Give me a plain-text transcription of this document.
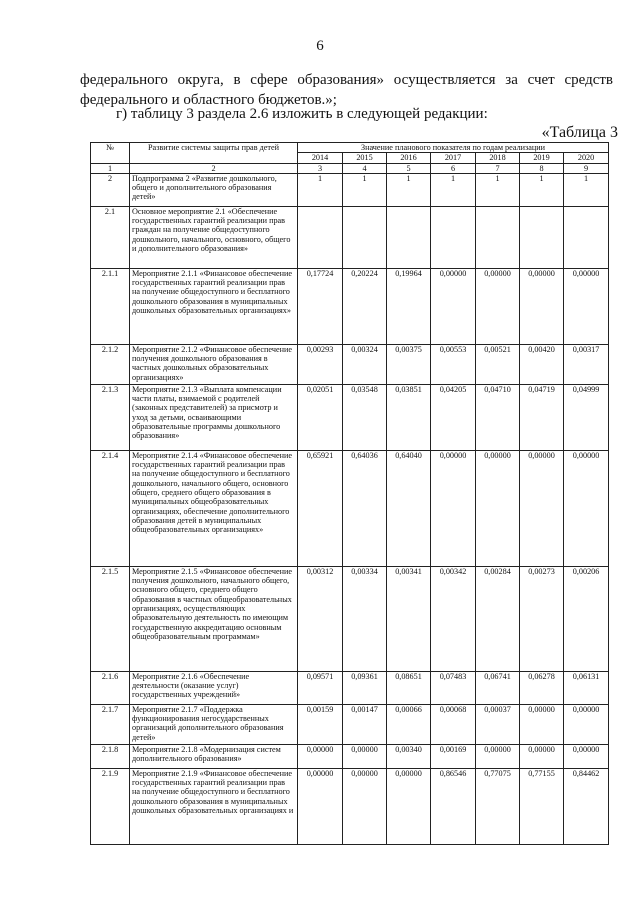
6
федерального округа, в сфере образования» осуществляется за счет средств
федерального и областного бюджетов.»;
г) таблицу 3 раздела 2.6 изложить в следующей редакции:
«Таблица 3
№	Развитие системы защиты прав детей	Значение планового показателя по годам реализации						
		2014	2015	2016	2017	2018	2019	2020
1	2	3	4	5	6	7	8	9
2	Подпрограмма 2 «Развитие дошкольного, общего и дополнительного образования детей»	1	1	1	1	1	1	1
2.1	Основное мероприятие 2.1 «Обеспечение государственных гарантий реализации прав граждан на получение общедоступного дошкольного, начального, основного, общего и дополнительного образования»							
2.1.1	Мероприятие 2.1.1 «Финансовое обеспечение государственных гарантий реализации прав на получение общедоступного и бесплатного дошкольного образования в муниципальных дошкольных образовательных организациях»	0,17724	0,20224	0,19964	0,00000	0,00000	0,00000	0,00000
2.1.2	Мероприятие 2.1.2 «Финансовое обеспечение получения дошкольного образования в частных дошкольных образовательных организациях»	0,00293	0,00324	0,00375	0,00553	0,00521	0,00420	0,00317
2.1.3	Мероприятие 2.1.3 «Выплата компенсации части платы, взимаемой с родителей (законных представителей) за присмотр и уход за детьми, осваивающими образовательные программы дошкольного образования»	0,02051	0,03548	0,03851	0,04205	0,04710	0,04719	0,04999
2.1.4	Мероприятие 2.1.4 «Финансовое обеспечение государственных гарантий реализации прав на получение общедоступного и бесплатного дошкольного, начального общего, основного общего, среднего общего образования в муниципальных общеобразовательных организациях, обеспечение дополнительного образования детей в муниципальных общеобразовательных организациях»	0,65921	0,64036	0,64040	0,00000	0,00000	0,00000	0,00000
2.1.5	Мероприятие 2.1.5 «Финансовое обеспечение получения дошкольного, начального общего, основного общего, среднего общего образования в частных общеобразовательных организациях, осуществляющих образовательную деятельность по имеющим государственную аккредитацию основным общеобразовательным программам»	0,00312	0,00334	0,00341	0,00342	0,00284	0,00273	0,00206
2.1.6	Мероприятие 2.1.6 «Обеспечение деятельности (оказание услуг) государственных учреждений»	0,09571	0,09361	0,08651	0,07483	0,06741	0,06278	0,06131
2.1.7	Мероприятие 2.1.7 «Поддержка функционирования негосударственных организаций дополнительного образования детей»	0,00159	0,00147	0,00066	0,00068	0,00037	0,00000	0,00000
2.1.8	Мероприятие 2.1.8 «Модернизация систем дополнительного образования»	0,00000	0,00000	0,00340	0,00169	0,00000	0,00000	0,00000
2.1.9	Мероприятие 2.1.9 «Финансовое обеспечение государственных гарантий реализации прав на получение общедоступного и бесплатного дошкольного образования в муниципальных дошкольных образовательных организациях и	0,00000	0,00000	0,00000	0,86546	0,77075	0,77155	0,84462
